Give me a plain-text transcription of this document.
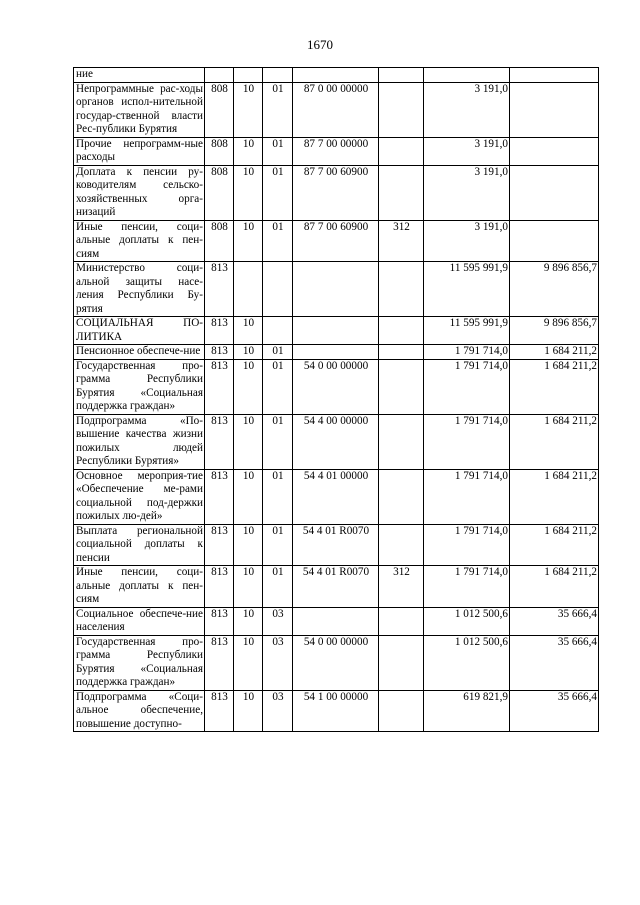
1670
ние							
Непрограммные рас-ходы органов испол-нительной государ-ственной власти Рес-публики Бурятия	808	10	01	87 0 00 00000		3 191,0	
Прочие непрограмм-ные расходы	808	10	01	87 7 00 00000		3 191,0	
Доплата к пенсии ру-ководителям сельско-хозяйственных орга-низаций	808	10	01	87 7 00 60900		3 191,0	
Иные пенсии, соци-альные доплаты к пен-сиям	808	10	01	87 7 00 60900	312	3 191,0	
Министерство соци-альной защиты насе-ления Республики Бу-рятия	813					11 595 991,9	9 896 856,7
СОЦИАЛЬНАЯ ПО-ЛИТИКА	813	10				11 595 991,9	9 896 856,7
Пенсионное обеспече-ние	813	10	01			1 791 714,0	1 684 211,2
Государственная про-грамма Республики Бурятия «Социальная поддержка граждан»	813	10	01	54 0 00 00000		1 791 714,0	1 684 211,2
Подпрограмма «По-вышение качества жизни пожилых людей Республики Бурятия»	813	10	01	54 4 00 00000		1 791 714,0	1 684 211,2
Основное мероприя-тие «Обеспечение ме-рами социальной под-держки пожилых лю-дей»	813	10	01	54 4 01 00000		1 791 714,0	1 684 211,2
Выплата региональной социальной доплаты к пенсии	813	10	01	54 4 01 R0070		1 791 714,0	1 684 211,2
Иные пенсии, соци-альные доплаты к пен-сиям	813	10	01	54 4 01 R0070	312	1 791 714,0	1 684 211,2
Социальное обеспече-ние населения	813	10	03			1 012 500,6	35 666,4
Государственная про-грамма Республики Бурятия «Социальная поддержка граждан»	813	10	03	54 0 00 00000		1 012 500,6	35 666,4
Подпрограмма «Соци-альное обеспечение, повышение доступно-	813	10	03	54 1 00 00000		619 821,9	35 666,4
